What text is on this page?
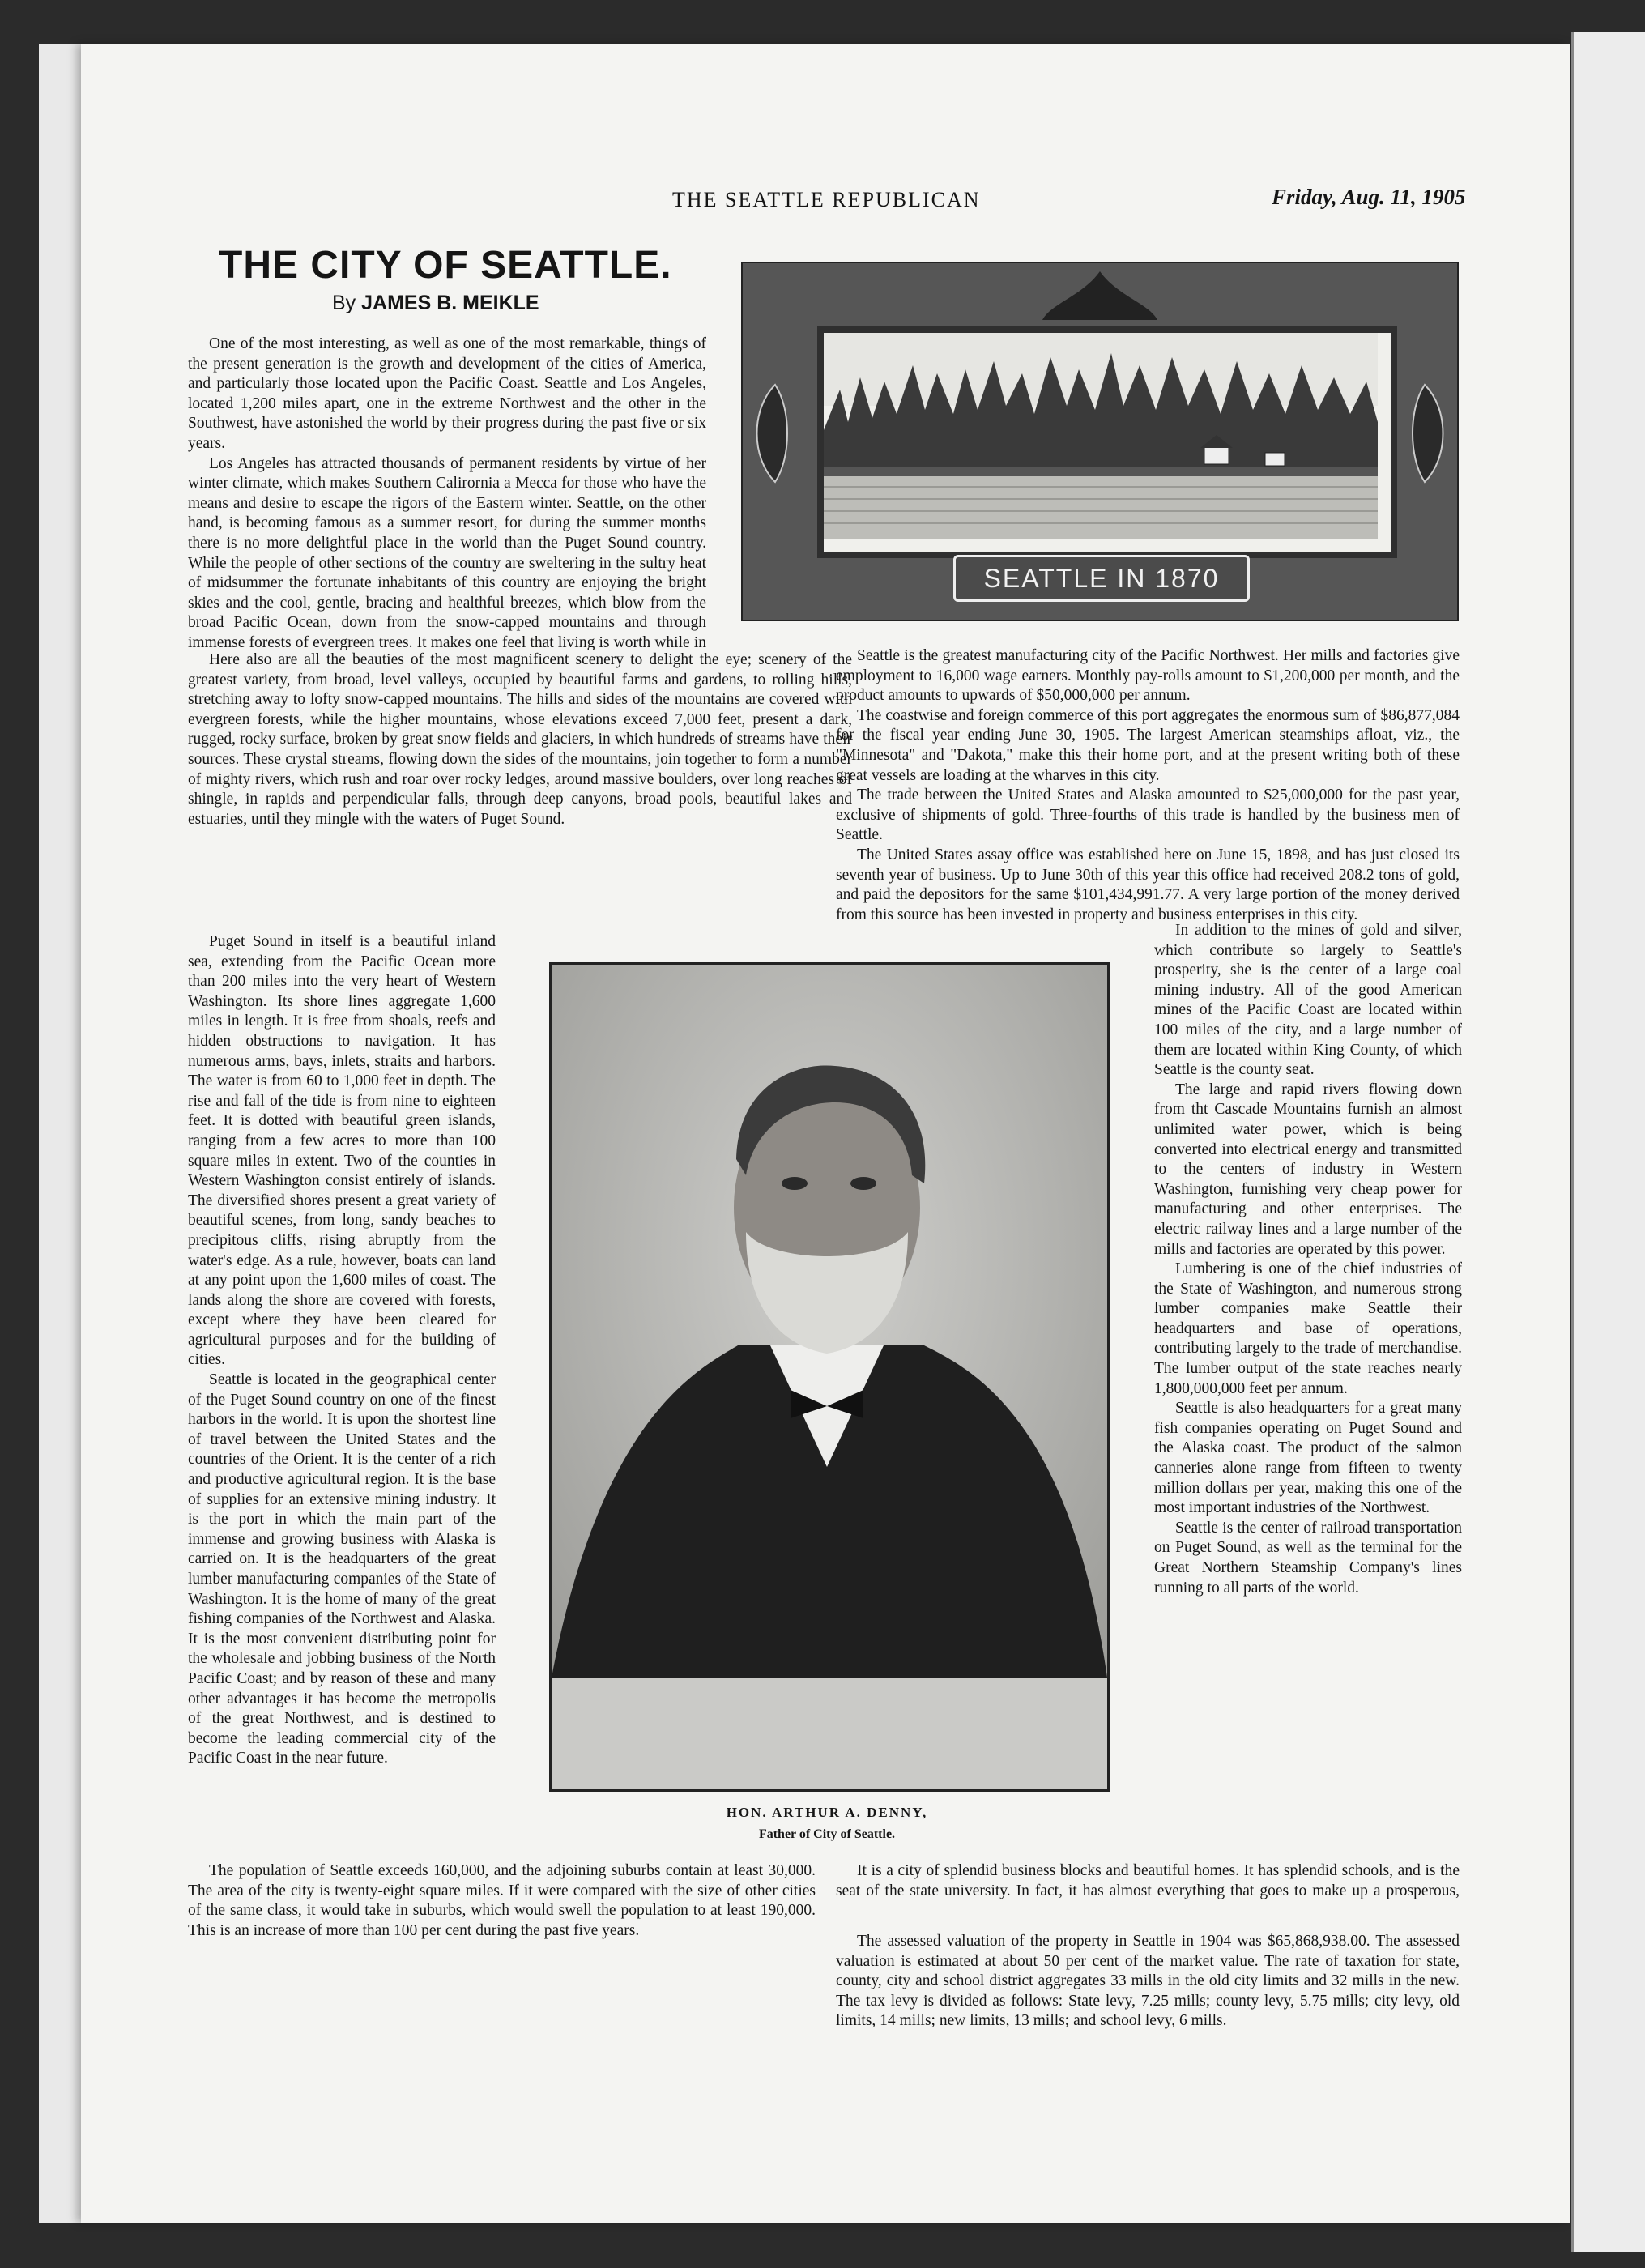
THE SEATTLE REPUBLICAN	Friday, Aug. 11, 1905
THE CITY OF SEATTLE.
By JAMES B. MEIKLE
SEATTLE IN 1870
HON. ARTHUR A. DENNY,
Father of City of Seattle.

One of the most interesting, as well as one of the most remarkable, things of the present generation is the growth and development of the cities of America, and particularly those located upon the Pacific Coast. Seattle and Los Angeles, located 1,200 miles apart, one in the extreme Northwest and the other in the Southwest, have astonished the world by their progress during the past five or six years.

Los Angeles has attracted thousands of permanent residents by virtue of her winter climate, which makes Southern Calirornia a Mecca for those who have the means and desire to escape the rigors of the Eastern winter. Seattle, on the other hand, is becoming famous as a summer resort, for during the summer months there is no more delightful place in the world than the Puget Sound country. While the people of other sections of the country are sweltering in the sultry heat of midsummer the fortunate inhabitants of this country are enjoying the bright skies and the cool, gentle, bracing and healthful breezes, which blow from the broad Pacific Ocean, down from the snow-capped mountains and through immense forests of evergreen trees. It makes one feel that living is worth while in

Here also are all the beauties of the most magnificent scenery to delight the eye; scenery of the greatest variety, from broad, level valleys, occupied by beautiful farms and gardens, to rolling hills, stretching away to lofty snow-capped mountains. The hills and sides of the mountains are covered with evergreen forests, while the higher mountains, whose elevations exceed 7,000 feet, present a dark, rugged, rocky surface, broken by great snow fields and glaciers, in which hundreds of streams have their sources. These crystal streams, flowing down the sides of the mountains, join together to form a number of mighty rivers, which rush and roar over rocky ledges, around massive boulders, over long reaches of shingle, in rapids and perpendicular falls, through deep canyons, broad pools, beautiful lakes and estuaries, until they mingle with the waters of Puget Sound.

Puget Sound in itself is a beautiful inland sea, extending from the Pacific Ocean more than 200 miles into the very heart of Western Washington. Its shore lines aggregate 1,600 miles in length. It is free from shoals, reefs and hidden obstructions to navigation. It has numerous arms, bays, inlets, straits and harbors. The water is from 60 to 1,000 feet in depth. The rise and fall of the tide is from nine to eighteen feet. It is dotted with beautiful green islands, ranging from a few acres to more than 100 square miles in extent. Two of the counties in Western Washington consist entirely of islands. The diversified shores present a great variety of beautiful scenes, from long, sandy beaches to precipitous cliffs, rising abruptly from the water's edge. As a rule, however, boats can land at any point upon the 1,600 miles of coast. The lands along the shore are covered with forests, except where they have been cleared for agricultural purposes and for the building of cities.

Seattle is located in the geographical center of the Puget Sound country on one of the finest harbors in the world. It is upon the shortest line of travel between the United States and the countries of the Orient. It is the center of a rich and productive agricultural region. It is the base of supplies for an extensive mining industry. It is the port in which the main part of the immense and growing business with Alaska is carried on. It is the headquarters of the great lumber manufacturing companies of the State of Washington. It is the home of many of the great fishing companies of the Northwest and Alaska. It is the most convenient distributing point for the wholesale and jobbing business of the North Pacific Coast; and by reason of these and many other advantages it has become the metropolis of the great Northwest, and is destined to become the leading commercial city of the Pacific Coast in the near future.

The population of Seattle exceeds 160,000, and the adjoining suburbs contain at least 30,000. The area of the city is twenty-eight square miles. If it were compared with the size of other cities of the same class, it would take in suburbs, which would swell the population to at least 190,000. This is an increase of more than 100 per cent during the past five years.

Seattle is the greatest manufacturing city of the Pacific Northwest. Her mills and factories give employment to 16,000 wage earners. Monthly pay-rolls amount to $1,200,000 per month, and the product amounts to upwards of $50,000,000 per annum.

The coastwise and foreign commerce of this port aggregates the enormous sum of $86,877,084 for the fiscal year ending June 30, 1905. The largest American steamships afloat, viz., the "Minnesota" and "Dakota," make this their home port, and at the present writing both of these great vessels are loading at the wharves in this city.

The trade between the United States and Alaska amounted to $25,000,000 for the past year, exclusive of shipments of gold. Three-fourths of this trade is handled by the business men of Seattle.

The United States assay office was established here on June 15, 1898, and has just closed its seventh year of business. Up to June 30th of this year this office had received 208.2 tons of gold, and paid the depositors for the same $101,434,991.77. A very large portion of the money derived from this source has been invested in property and business enterprises in this city.

In addition to the mines of gold and silver, which contribute so largely to Seattle's prosperity, she is the center of a large coal mining industry. All of the good American mines of the Pacific Coast are located within 100 miles of the city, and a large number of them are located within King County, of which Seattle is the county seat.

The large and rapid rivers flowing down from tht Cascade Mountains furnish an almost unlimited water power, which is being converted into electrical energy and transmitted to the centers of industry in Western Washington, furnishing very cheap power for manufacturing and other enterprises. The electric railway lines and a large number of the mills and factories are operated by this power.

Lumbering is one of the chief industries of the State of Washington, and numerous strong lumber companies make Seattle their headquarters and base of operations, contributing largely to the trade of merchandise. The lumber output of the state reaches nearly 1,800,000,000 feet per annum.

Seattle is also headquarters for a great many fish companies operating on Puget Sound and the Alaska coast. The product of the salmon canneries alone range from fifteen to twenty million dollars per year, making this one of the most important industries of the Northwest.

Seattle is the center of railroad transportation on Puget Sound, as well as the terminal for the Great Northern Steamship Company's lines running to all parts of the world.

It is a city of splendid business blocks and beautiful homes. It has splendid schools, and is the seat of the state university. In fact, it has almost everything that goes to make up a prosperous,

The assessed valuation of the property in Seattle in 1904 was $65,868,938.00. The assessed valuation is estimated at about 50 per cent of the market value. The rate of taxation for state, county, city and school district aggregates 33 mills in the old city limits and 32 mills in the new. The tax levy is divided as follows: State levy, 7.25 mills; county levy, 5.75 mills; city levy, old limits, 14 mills; new limits, 13 mills; and school levy, 6 mills.
